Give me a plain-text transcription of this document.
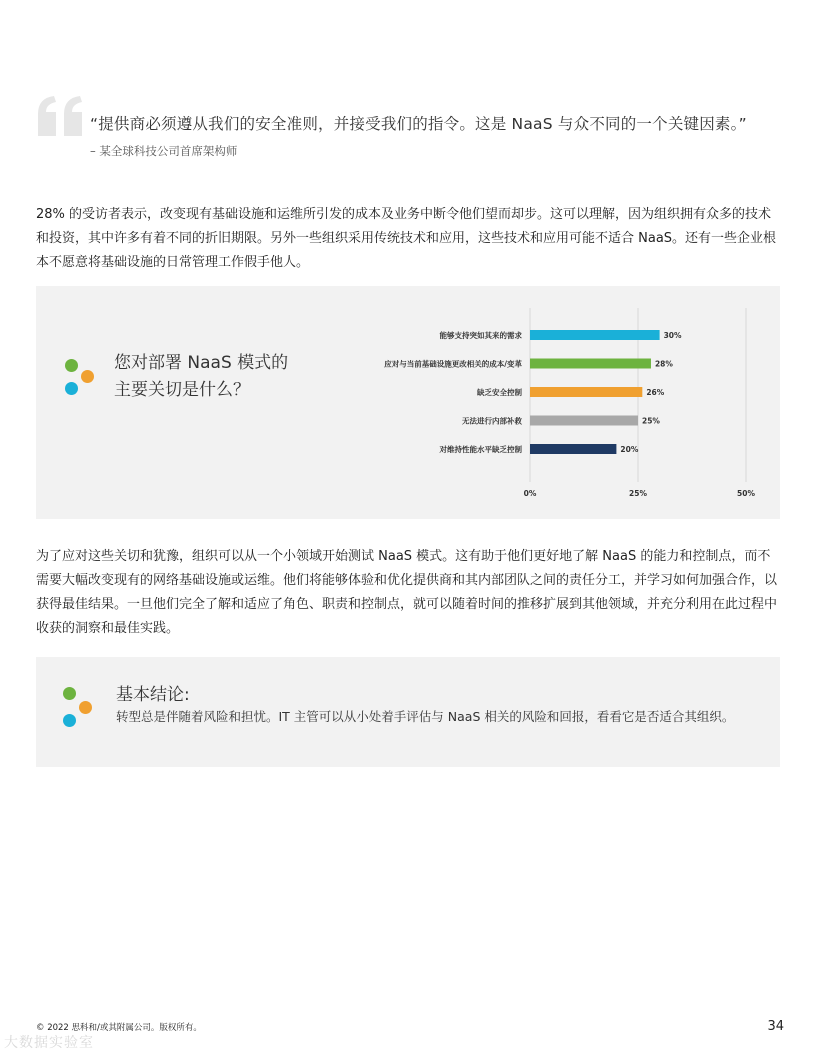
“提供商必须遵从我们的安全准则，并接受我们的指令。这是 NaaS 与众不同的一个关键因素。”
– 某全球科技公司首席架构师

28% 的受访者表示，改变现有基础设施和运维所引发的成本及业务中断令他们望而却步。这可以理解，因为组织拥有众多的技术和投资，其中许多有着不同的折旧期限。另外一些组织采用传统技术和应用，这些技术和应用可能不适合 NaaS。还有一些企业根本不愿意将基础设施的日常管理工作假手他人。

您对部署 NaaS 模式的
主要关切是什么？
0%	25%	50%
能够支持突如其来的需求	30%
应对与当前基础设施更改相关的成本/变革	28%
缺乏安全控制	26%
无法进行内部补救	25%
对维持性能水平缺乏控制	20%

为了应对这些关切和犹豫，组织可以从一个小领域开始测试 NaaS 模式。这有助于他们更好地了解 NaaS 的能力和控制点，而不需要大幅改变现有的网络基础设施或运维。他们将能够体验和优化提供商和其内部团队之间的责任分工，并学习如何加强合作，以获得最佳结果。一旦他们完全了解和适应了角色、职责和控制点，就可以随着时间的推移扩展到其他领域，并充分利用在此过程中收获的洞察和最佳实践。

基本结论:
转型总是伴随着风险和担忧。IT 主管可以从小处着手评估与 NaaS 相关的风险和回报，看看它是否适合其组织。
© 2022 思科和/或其附属公司。版权所有。	34
大数据实验室
